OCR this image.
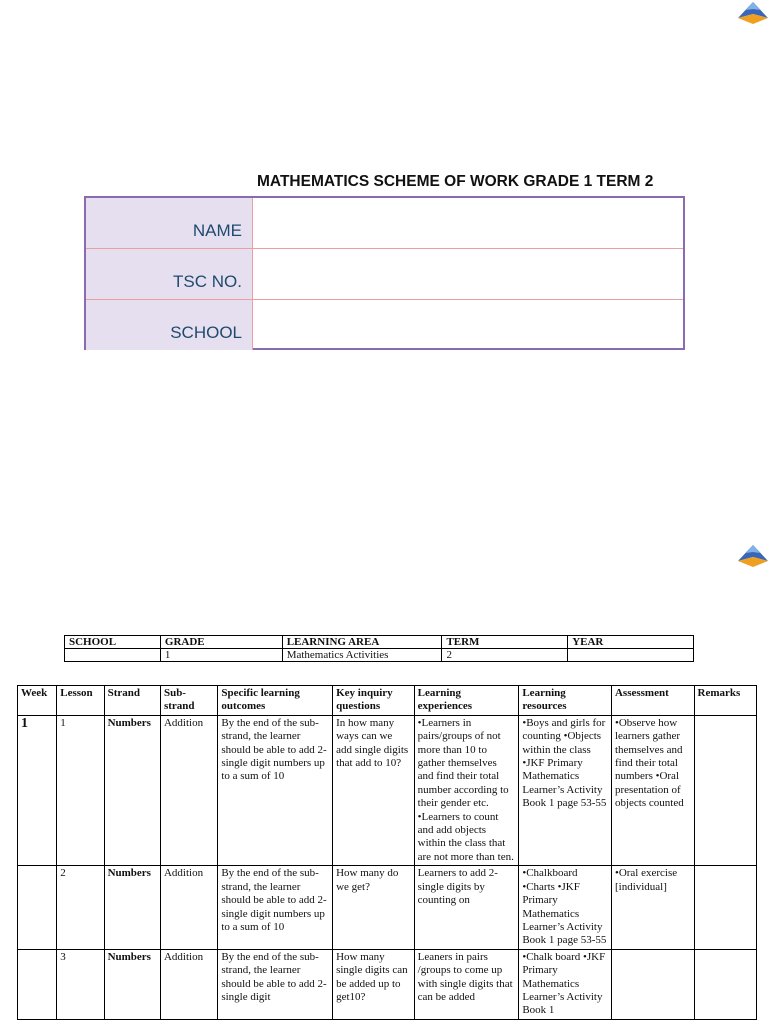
MATHEMATICS SCHEME OF WORK GRADE 1 TERM 2
NAME
TSC NO.
SCHOOL
SCHOOL	GRADE	LEARNING AREA	TERM	YEAR
	1	Mathematics Activities	2	
Week	Lesson	Strand	Sub-strand	Specific learning outcomes	Key inquiry questions	Learning experiences	Learning resources	Assessment	Remarks
1	1	Numbers	Addition	By the end of the sub-strand, the learner should be able to add 2-single digit numbers up to a sum of 10	In how many ways can we add single digits that add to 10?	•Learners in pairs/groups of not more than 10 to gather themselves and find their total number according to their gender etc. •Learners to count and add objects within the class that are not more than ten.	•Boys and girls for counting •Objects within the class •JKF Primary Mathematics Learner’s Activity Book 1 page 53-55	•Observe how learners gather themselves and find their total numbers •Oral presentation of objects counted	
	2	Numbers	Addition	By the end of the sub-strand, the learner should be able to add 2-single digit numbers up to a sum of 10	How many do we get?	Learners to add 2-single digits by counting on	•Chalkboard •Charts •JKF Primary Mathematics Learner’s Activity Book 1 page 53-55	•Oral exercise [individual]	
	3	Numbers	Addition	By the end of the sub-strand, the learner should be able to add 2-single digit	How many single digits can be added up to get10?	Leaners in pairs /groups to come up with single digits that can be added	•Chalk board •JKF Primary Mathematics Learner’s Activity Book 1		
